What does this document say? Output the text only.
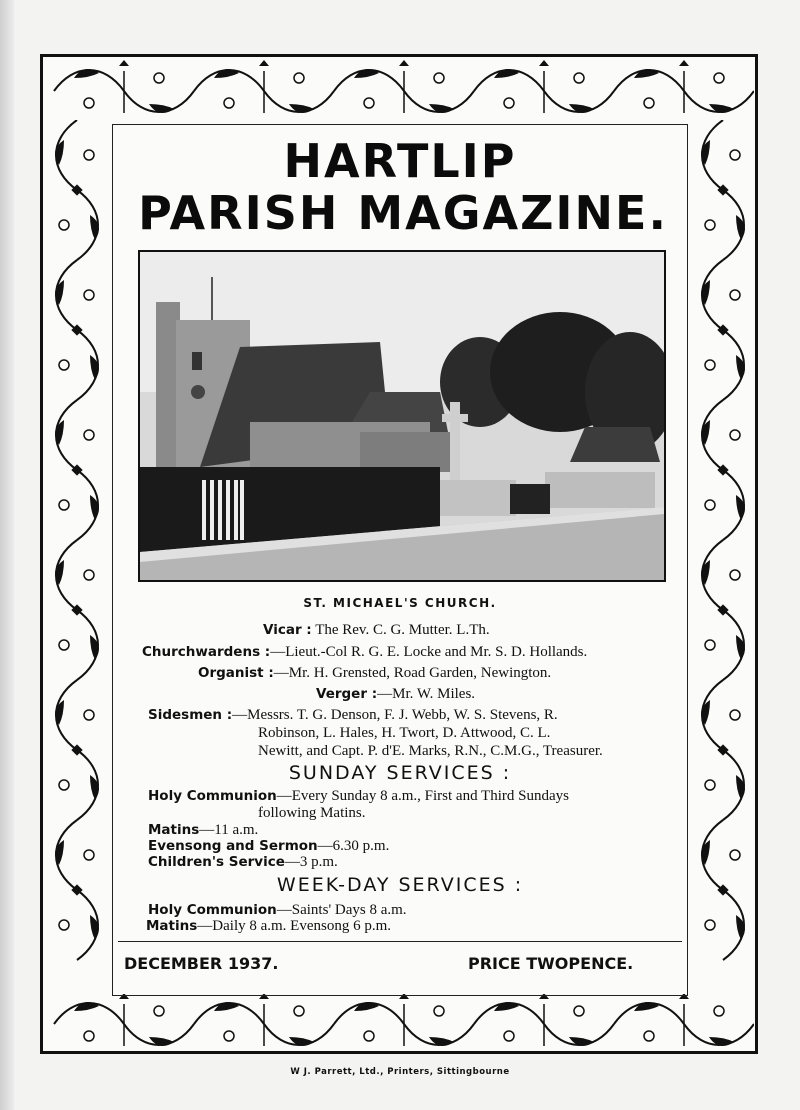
HARTLIP
PARISH MAGAZINE.
ST. MICHAEL'S CHURCH.
Vicar : The Rev. C. G. Mutter. L.Th.
Churchwardens :—Lieut.-Col R. G. E. Locke and Mr. S. D. Hollands.
Organist :—Mr. H. Grensted, Road Garden, Newington.
Verger :—Mr. W. Miles.
Sidesmen :—Messrs. T. G. Denson, F. J. Webb, W. S. Stevens, R.
Robinson, L. Hales, H. Twort, D. Attwood, C. L.
Newitt, and Capt. P. d'E. Marks, R.N., C.M.G., Treasurer.
SUNDAY SERVICES :
Holy Communion—Every Sunday 8 a.m., First and Third Sundays
following Matins.
Matins—11 a.m.
Evensong and Sermon—6.30 p.m.
Children's Service—3 p.m.
WEEK-DAY SERVICES :
Holy Communion—Saints' Days 8 a.m.
Matins—Daily 8 a.m. Evensong 6 p.m.
DECEMBER 1937.	PRICE TWOPENCE.
W J. Parrett, Ltd., Printers, Sittingbourne
